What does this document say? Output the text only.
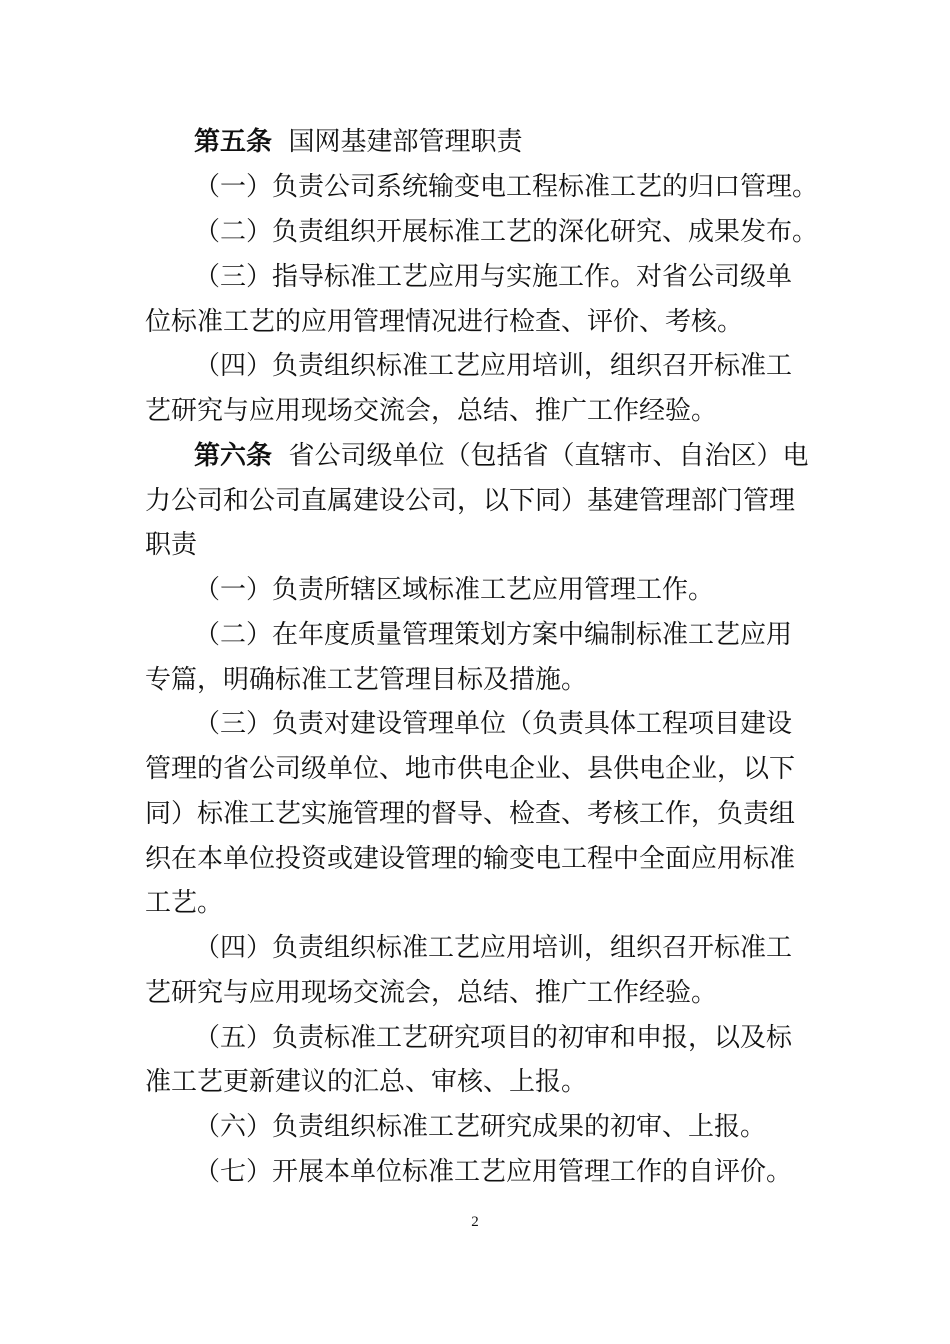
第五条 国网基建部管理职责
（一）负责公司系统输变电工程标准工艺的归口管理。
（二）负责组织开展标准工艺的深化研究、成果发布。
（三）指导标准工艺应用与实施工作。对省公司级单
位标准工艺的应用管理情况进行检查、评价、考核。
（四）负责组织标准工艺应用培训，组织召开标准工
艺研究与应用现场交流会，总结、推广工作经验。
第六条 省公司级单位（包括省（直辖市、自治区）电
力公司和公司直属建设公司，以下同）基建管理部门管理
职责
（一）负责所辖区域标准工艺应用管理工作。
（二）在年度质量管理策划方案中编制标准工艺应用
专篇，明确标准工艺管理目标及措施。
（三）负责对建设管理单位（负责具体工程项目建设
管理的省公司级单位、地市供电企业、县供电企业，以下
同）标准工艺实施管理的督导、检查、考核工作，负责组
织在本单位投资或建设管理的输变电工程中全面应用标准
工艺。
（四）负责组织标准工艺应用培训，组织召开标准工
艺研究与应用现场交流会，总结、推广工作经验。
（五）负责标准工艺研究项目的初审和申报，以及标
准工艺更新建议的汇总、审核、上报。
（六）负责组织标准工艺研究成果的初审、上报。
（七）开展本单位标准工艺应用管理工作的自评价。
2
